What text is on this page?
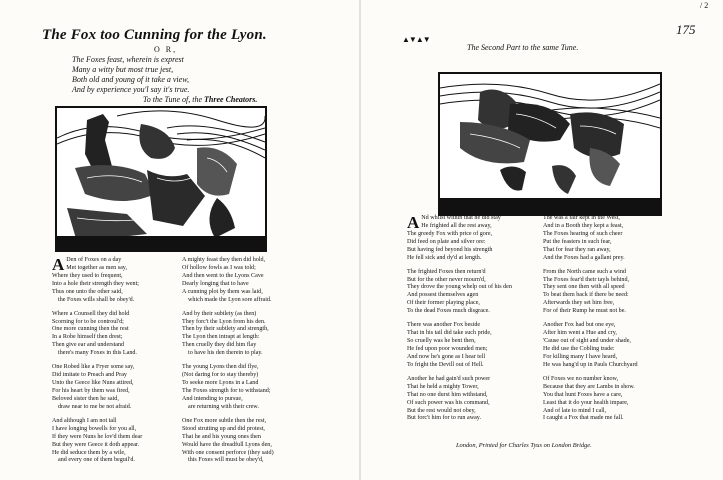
The Fox too Cunning for the Lyon.
O R,
The Foxes feast, wherein is exprest
Many a witty but most true jest,
Both old and young of it take a view,
And by experience you'l say it's true.
To the Tune of, the Three Cheators.
A Den of Foxes on a day
Met together as men say,
Where they used to frequent,
Into a hole their strength they went;
Thus one unto the other said,
the Foxes wills shall be obey'd.
Where a Counsell they did hold
Scorning for to be controul'd;
One more cunning then the rest
In a Robe himself then drest;
Then give ear and understand
there's many Foxes in this Land.
One Robed like a Fryer some say,
Did imitate to Preach and Pray
Unto the Geece like Nuns attired,
For his heart by them was fired,
Beloved sister then he said,
draw near to me be not afraid.
And although I am not tall
I have longing bowells for you all,
If they were Nuns he lov'd them dear
But they were Geece it doth appear.
He did seduce them by a wile,
and every one of them beguil'd.
A mighty feast they then did hold,
Of hollow fowls as I was told;
And then went to the Lyons Cave
Dearly longing that to have
A cunning plot by them was laid,
which made the Lyon sore affraid.
And by their subtlety (as then)
They forc't the Lyon from his den.
Then by their subtlety and strength,
The Lyon then intrapt at length:
Then cruelly they did him flay
to have his den therein to play.
The young Lyons then did flye,
(Not daring for to stay thereby)
To seeke more Lyons in a Land
The Foxes strength for to withstand;
And intending to pursue,
are returning with their crew.
One Fox more subtle then the rest,
Stood strutting up and did protest,
That he and his young ones then
Would have the dreadfull Lyons den,
With one consent perforce (they said)
this Foxes will must be obey'd,
/ 2
175
▲▼▲▼
The Second Part to the same Tune.
A Nd whilst within that he did stay
He frighted all the rest away,
The greedy Fox with price of gore,
Did feed on plate and silver ore:
But having fed beyond his strength
He fell sick and dy'd at length.
The frighted Foxes then return'd
But for the other never mourn'd,
They drove the young whelp out of his den
And possest themselves agen
Of their former playing place,
To the dead Foxes much disgrace.
There was another Fox beside
That in his tail did take such pride,
So cruelly was he bent then,
He fed upon poor wounded men;
And now he's gone as I hear tell
To fright the Devill out of Hell.
Another he had gain'd such power
That he held a mighty Tower,
That no one durst him withstand,
Of such power was his command,
But the rest would not obey,
But forc't him for to run away.
The was a fair kept in the West,
And in a Booth they kept a feast,
The Foxes hearing of such cheer
Put the feasters in such fear,
That for fear they ran away,
And the Foxes had a gallant prey.
From the North came such a wind
The Foxes fear'd their tayls behind,
They sent one then with all speed
To beat them back if there be need:
Afterwards they set him free,
For of their Rump he must not be.
Another Fox had but one eye,
After him went a Hue and cry,
'Cause out of sight and under shade,
He did use the Cobling trade:
For killing many I have heard,
He was hang'd up in Pauls Churchyard
Of Foxes we no number know,
Because that they are Lambs in show.
You that hunt Foxes have a care,
Least that it do your health impare,
And of late to mind I call,
I caught a Fox that made me fall.
London, Printed for Charles Tyus on London Bridge.
